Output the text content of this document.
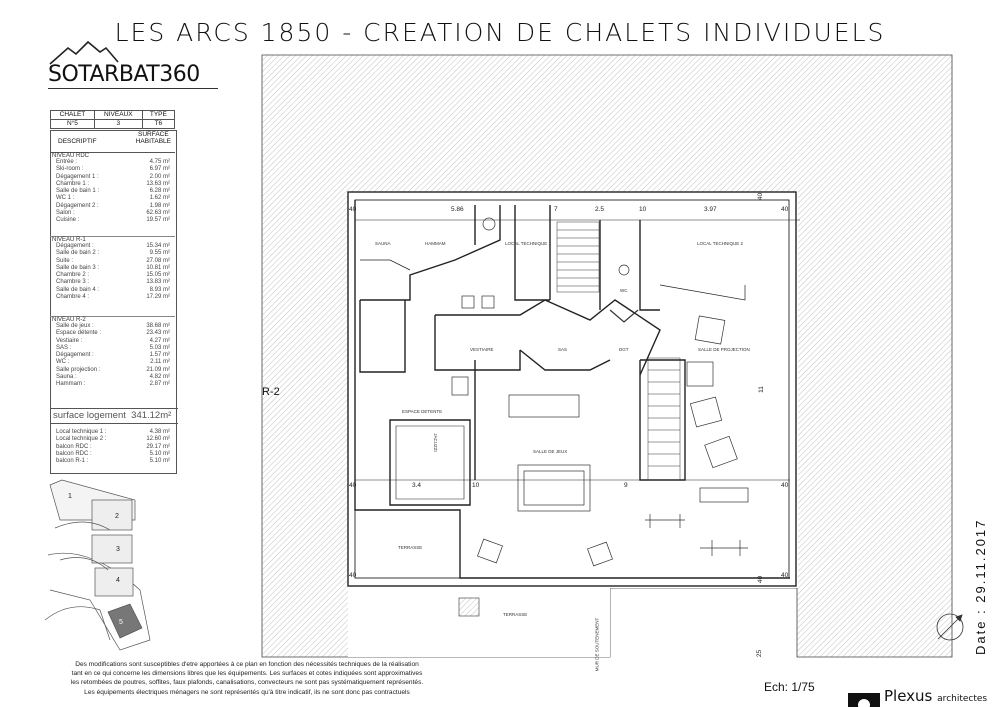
LES ARCS 1850 - CREATION DE CHALETS INDIVIDUELS
SOTARBAT360
CHALET	NIVEAUX	TYPE
N°5	3	T6
DESCRIPTIF
SURFACE
HABITABLE
NIVEAU RDC
Entrée :	4.75 m²
Ski-room :	6.97 m²
Dégagement 1 :	2.00 m²
Chambre 1 :	13.63 m²
Salle de bain 1 :	6.28 m²
WC 1 :	1.62 m²
Dégagement 2 :	1.98 m²
Salon :	62.63 m²
Cuisine :	19.57 m²
NIVEAU R-1
Dégagement :	15.34 m²
Salle de bain 2 :	9.55 m²
Suite :	27.08 m²
Salle de bain 3 :	10.81 m²
Chambre 2 :	15.05 m²
Chambre 3 :	13.83 m²
Salle de bain 4 :	8.93 m²
Chambre 4 :	17.29 m²
NIVEAU R-2
Salle de jeux :	38.68 m²
Espace détente :	23.43 m²
Vestiaire :	4.27 m²
SAS :	5.03 m²
Dégagement :	1.57 m²
WC :	2.11 m²
Salle projection :	21.09 m²
Sauna :	4.82 m²
Hammam :	2.87 m²
surface logement 341.12m²
Local technique 1 :	4.38 m²
Local technique 2 :	12.60 m²
balcon RDC :	29.17 m²
balcon RDC :	5.10 m²
balcon R-1 :	5.10 m²
1
2
3
4
5
R-2
SAUNA	HAMMAM	LOCAL TECHNIQUE 1	LOCAL TECHNIQUE 2
WC
VESTIAIRE	SAS	DGT	SALLE DE PROJECTION
ESPACE DETENTE
SALLE DE JEUX
JACUZZI
TERRASSE
TERRASSE
MUR DE SOUTENEMENT
40	5.86	7	2.5	10	3.97	40
40	3.4	10	9	40
11
40
25
40
40	40
Des modifications sont susceptibles d'etre apportées à ce plan en fonction des nécessités techniques de la réalisation
tant en ce qui concerne les dimensions libres que les équipements. Les surfaces et cotes indiquées sont approximatives
les retombées de poutres, soffites, faux plafonds, canalisations, convecteurs ne sont pas systématiquement représentés.
Les équipements électriques ménagers ne sont représentés qu'à titre indicatif, ils ne sont donc pas contractuels	Ech: 1/75	Plexus architectes
Date : 29.11.2017
